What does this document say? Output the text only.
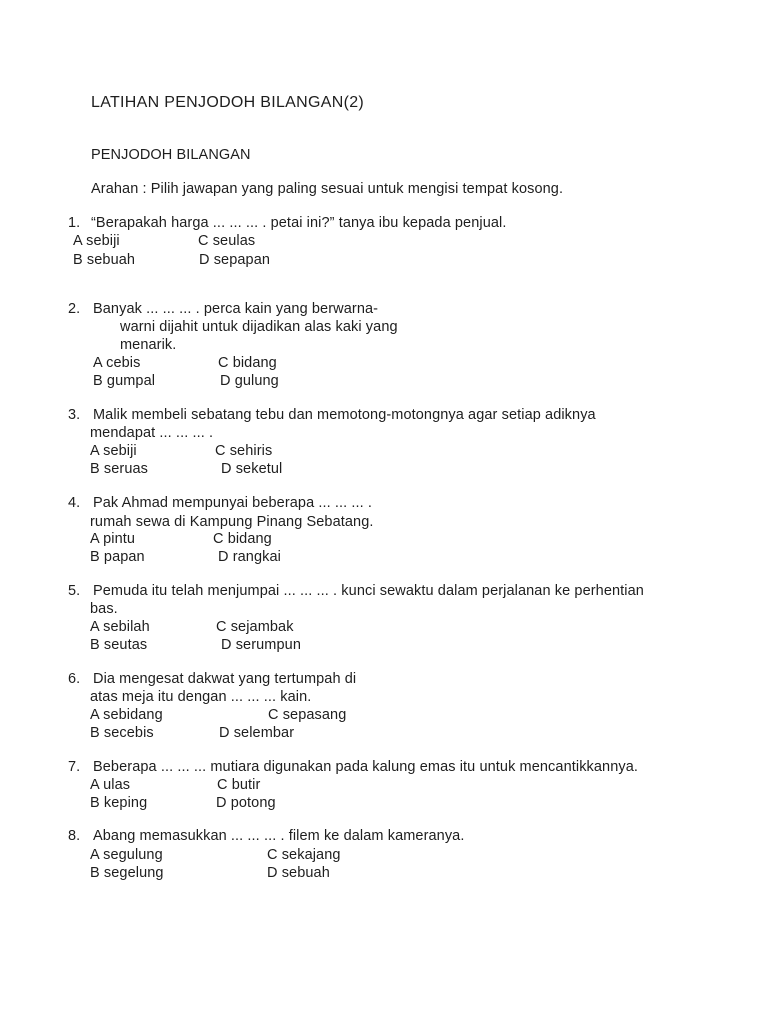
LATIHAN PENJODOH BILANGAN(2)
PENJODOH BILANGAN
Arahan : Pilih jawapan yang paling sesuai untuk mengisi tempat kosong.
1. “Berapakah harga ... ... ... . petai ini?” tanya ibu kepada penjual.
A sebiji	C seulas
B sebuah	D sepapan
2. Banyak ... ... ... . perca kain yang berwarna-
warni dijahit untuk dijadikan alas kaki yang
menarik.
A cebis	C bidang
B gumpal	D gulung
3. Malik membeli sebatang tebu dan memotong-motongnya agar setiap adiknya
mendapat ... ... ... .
A sebiji	C sehiris
B seruas	D seketul
4. Pak Ahmad mempunyai beberapa ... ... ... .
rumah sewa di Kampung Pinang Sebatang.
A pintu	C bidang
B papan	D rangkai
5. Pemuda itu telah menjumpai ... ... ... . kunci sewaktu dalam perjalanan ke perhentian
bas.
A sebilah	C sejambak
B seutas	D serumpun
6. Dia mengesat dakwat yang tertumpah di
atas meja itu dengan ... ... ... kain.
A sebidang	C sepasang
B secebis	D selembar
7. Beberapa ... ... ... mutiara digunakan pada kalung emas itu untuk mencantikkannya.
A ulas	C butir
B keping	D potong
8. Abang memasukkan ... ... ... . filem ke dalam kameranya.
A segulung	C sekajang
B segelung	D sebuah
